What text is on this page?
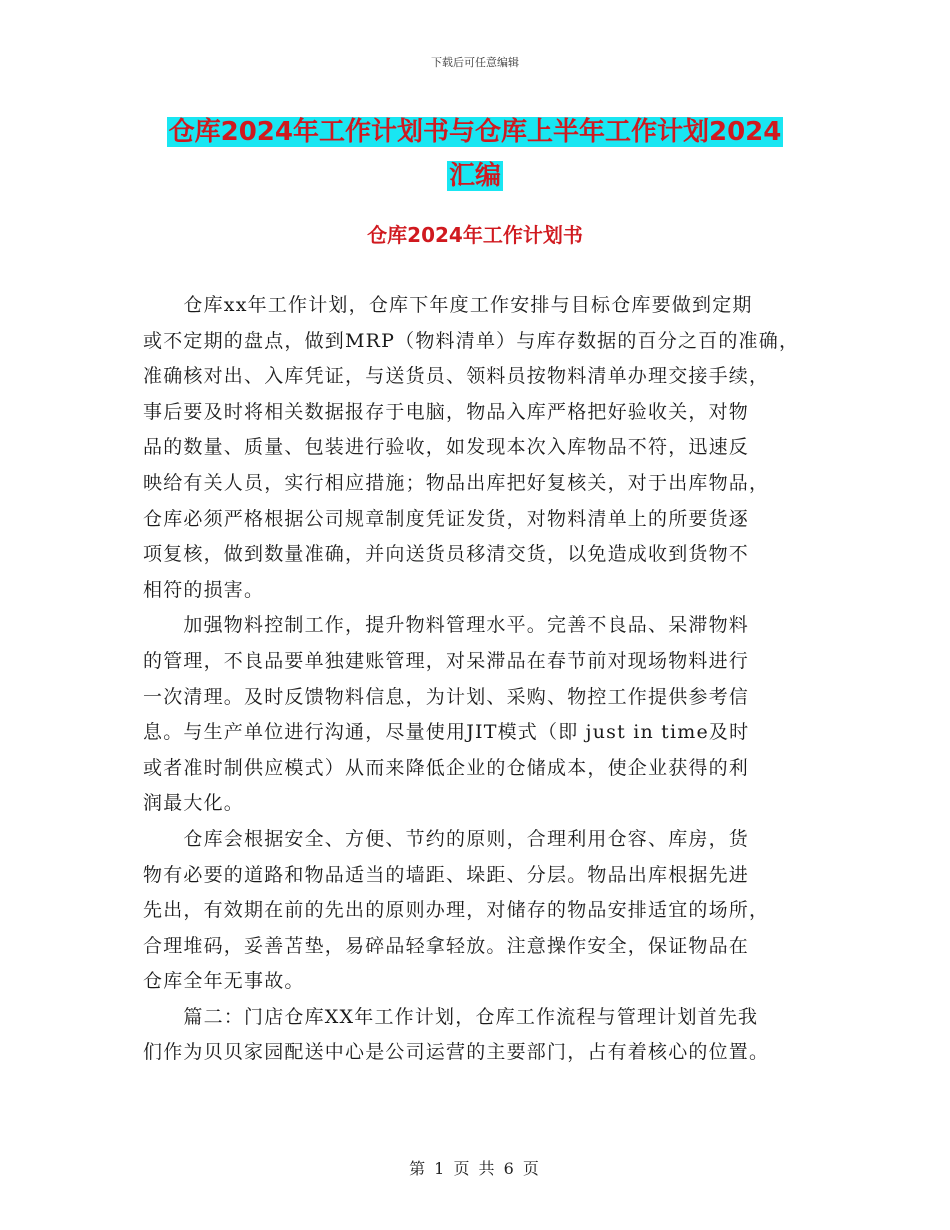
下载后可任意编辑
仓库2024年工作计划书与仓库上半年工作计划2024
汇编
仓库2024年工作计划书

　　仓库xx年工作计划，仓库下年度工作安排与目标仓库要做到定期
或不定期的盘点，做到MRP（物料清单）与库存数据的百分之百的准确，
准确核对出、入库凭证，与送货员、领料员按物料清单办理交接手续，
事后要及时将相关数据报存于电脑，物品入库严格把好验收关，对物
品的数量、质量、包装进行验收，如发现本次入库物品不符，迅速反
映给有关人员，实行相应措施；物品出库把好复核关，对于出库物品，
仓库必须严格根据公司规章制度凭证发货，对物料清单上的所要货逐
项复核，做到数量准确，并向送货员移清交货，以免造成收到货物不
相符的损害。

　　加强物料控制工作，提升物料管理水平。完善不良品、呆滞物料
的管理，不良品要单独建账管理，对呆滞品在春节前对现场物料进行
一次清理。及时反馈物料信息，为计划、采购、物控工作提供参考信
息。与生产单位进行沟通，尽量使用JIT模式（即 just in time及时
或者准时制供应模式）从而来降低企业的仓储成本，使企业获得的利
润最大化。

　　仓库会根据安全、方便、节约的原则，合理利用仓容、库房，货
物有必要的道路和物品适当的墙距、垛距、分层。物品出库根据先进
先出，有效期在前的先出的原则办理，对储存的物品安排适宜的场所，
合理堆码，妥善苫垫，易碎品轻拿轻放。注意操作安全，保证物品在
仓库全年无事故。

　　篇二：门店仓库XX年工作计划，仓库工作流程与管理计划首先我
们作为贝贝家园配送中心是公司运营的主要部门，占有着核心的位置。

第 1 页 共 6 页
